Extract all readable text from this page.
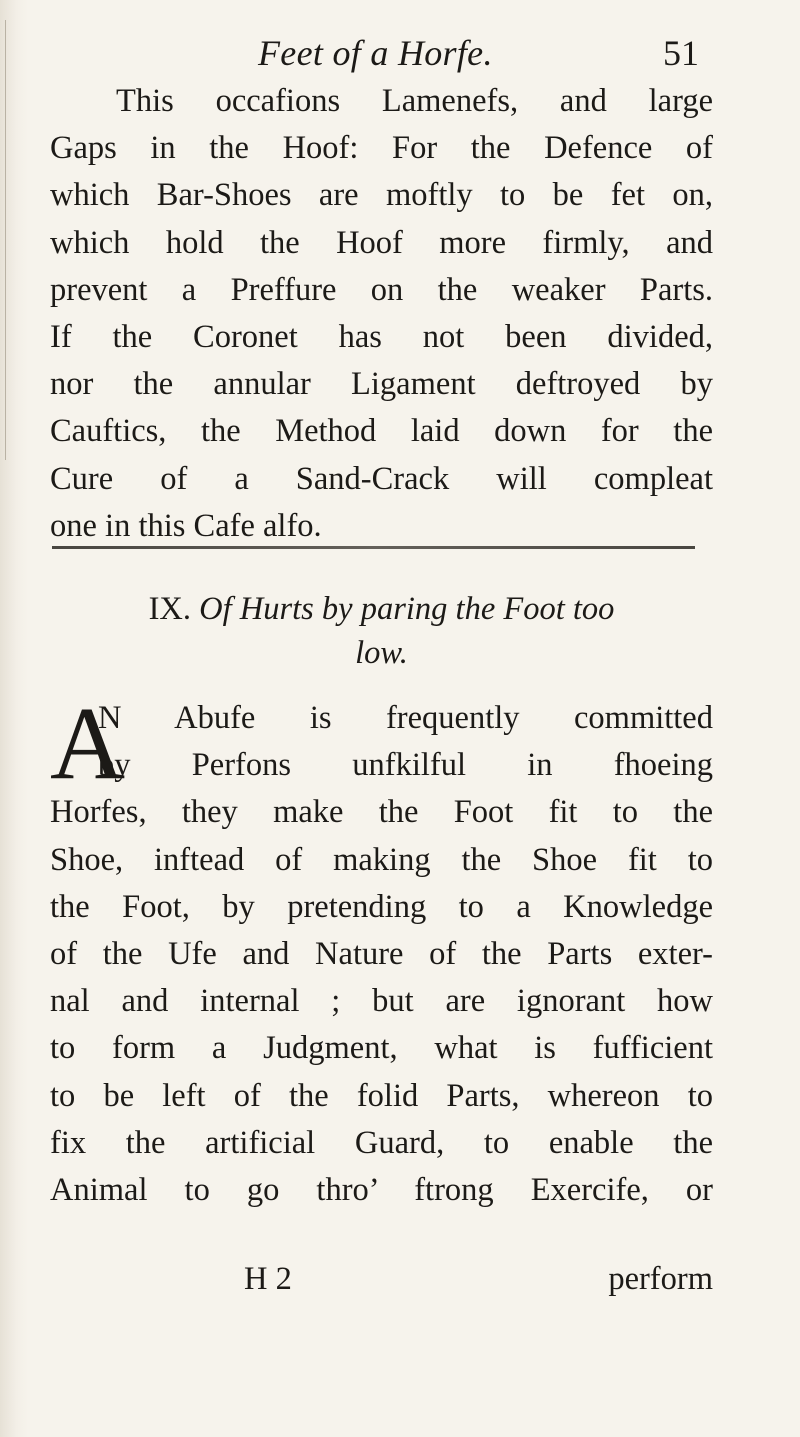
Feet of a Horfe.	51
This occafions Lamenefs, and large
Gaps in the Hoof: For the Defence of
which Bar-Shoes are moftly to be fet on,
which hold the Hoof more firmly, and
prevent a Preffure on the weaker Parts.
If the Coronet has not been divided,
nor the annular Ligament deftroyed by
Cauftics, the Method laid down for the
Cure of a Sand-Crack will compleat
one in this Cafe alfo.
IX. Of Hurts by paring the Foot too
low.
A
N Abufe is frequently committed
by Perfons unfkilful in fhoeing
Horfes, they make the Foot fit to the
Shoe, inftead of making the Shoe fit to
the Foot, by pretending to a Knowledge
of the Ufe and Nature of the Parts exter-
nal and internal ; but are ignorant how
to form a Judgment, what is fufficient
to be left of the folid Parts, whereon to
fix the artificial Guard, to enable the
Animal to go thro’ ftrong Exercife, or
H 2	perform
